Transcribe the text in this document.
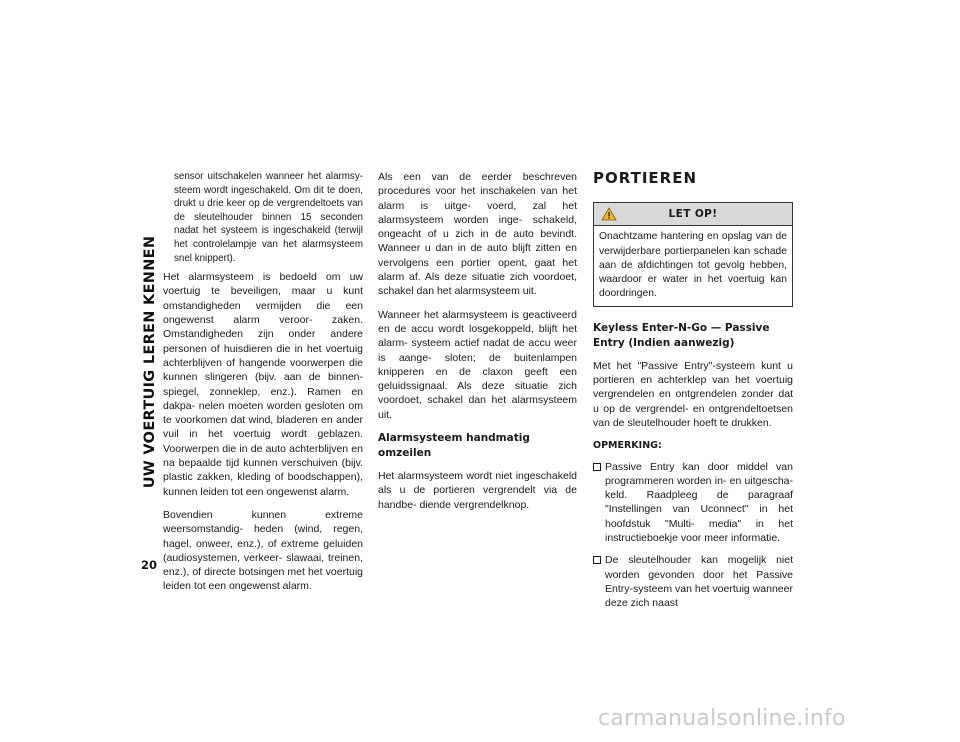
UW VOERTUIG LEREN KENNEN
20
sensor uitschakelen wanneer het alarmsy- steem wordt ingeschakeld. Om dit te doen, drukt u drie keer op de vergrendeltoets van de sleutelhouder binnen 15 seconden nadat het systeem is ingeschakeld (terwijl het controlelampje van het alarmsysteem snel knippert).

Het alarmsysteem is bedoeld om uw voertuig te beveiligen, maar u kunt omstandigheden vermijden die een ongewenst alarm veroor- zaken. Omstandigheden zijn onder andere personen of huisdieren die in het voertuig achterblijven of hangende voorwerpen die kunnen slingeren (bijv. aan de binnen- spiegel, zonneklep, enz.). Ramen en dakpa- nelen moeten worden gesloten om te voorkomen dat wind, bladeren en ander vuil in het voertuig wordt geblazen. Voorwerpen die in de auto achterblijven en na bepaalde tijd kunnen verschuiven (bijv. plastic zakken, kleding of boodschappen), kunnen leiden tot een ongewenst alarm.

Bovendien kunnen extreme weersomstandig- heden (wind, regen, hagel, onweer, enz.), of extreme geluiden (audiosystemen, verkeer- slawaai, treinen, enz.), of directe botsingen met het voertuig leiden tot een ongewenst alarm.

Als een van de eerder beschreven procedures voor het inschakelen van het alarm is uitge- voerd, zal het alarmsysteem worden inge- schakeld, ongeacht of u zich in de auto bevindt. Wanneer u dan in de auto blijft zitten en vervolgens een portier opent, gaat het alarm af. Als deze situatie zich voordoet, schakel dan het alarmsysteem uit.

Wanneer het alarmsysteem is geactiveerd en de accu wordt losgekoppeld, blijft het alarm- systeem actief nadat de accu weer is aange- sloten; de buitenlampen knipperen en de claxon geeft een geluidssignaal. Als deze situatie zich voordoet, schakel dan het alarmsysteem uit.

Alarmsysteem handmatig omzeilen

Het alarmsysteem wordt niet ingeschakeld als u de portieren vergrendelt via de handbe- diende vergrendelknop.

PORTIEREN
LET OP!
Onachtzame hantering en opslag van de verwijderbare portierpanelen kan schade aan de afdichtingen tot gevolg hebben, waardoor er water in het voertuig kan doordringen.
Keyless Enter-N-Go — Passive Entry (Indien aanwezig)

Met het "Passive Entry"-systeem kunt u portieren en achterklep van het voertuig vergrendelen en ontgrendelen zonder dat u op de vergrendel- en ontgrendeltoetsen van de sleutelhouder hoeft te drukken.

OPMERKING:
Passive Entry kan door middel van programmeren worden in- en uitgescha- keld. Raadpleeg de paragraaf "Instellingen van Uconnect" in het hoofdstuk "Multi- media" in het instructieboekje voor meer informatie.
De sleutelhouder kan mogelijk niet worden gevonden door het Passive Entry-systeem van het voertuig wanneer deze zich naast
carmanualsonline.info
